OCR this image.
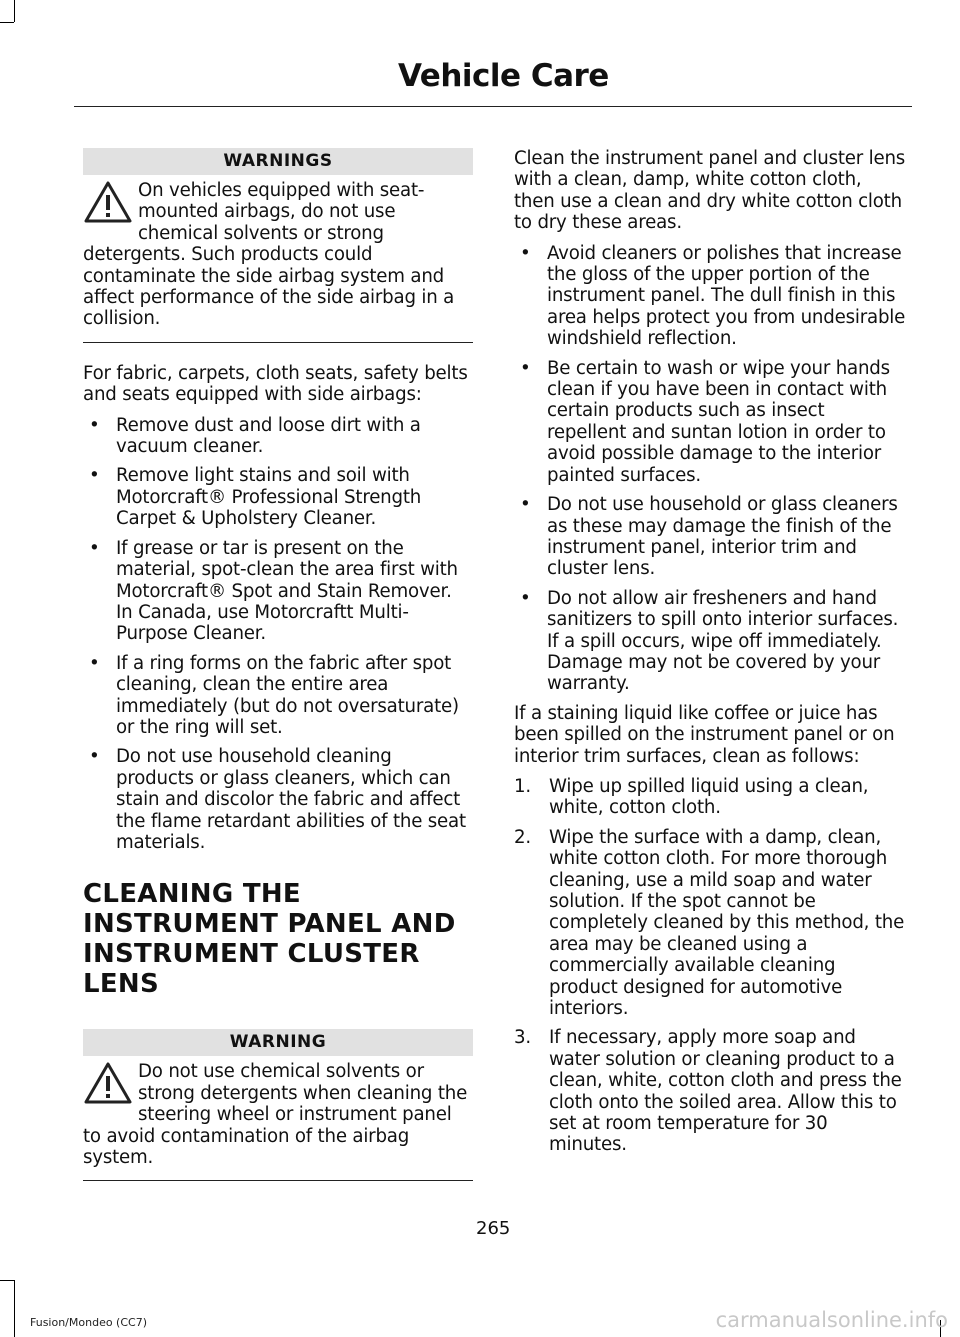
Vehicle Care
WARNINGS
On vehicles equipped with seat-mounted airbags, do not use chemical solvents or strong detergents. Such products could contaminate the side airbag system and affect performance of the side airbag in a collision.

For fabric, carpets, cloth seats, safety belts and seats equipped with side airbags:

• Remove dust and loose dirt with a vacuum cleaner.
• Remove light stains and soil with Motorcraft® Professional Strength Carpet & Upholstery Cleaner.
• If grease or tar is present on the material, spot-clean the area first with Motorcraft® Spot and Stain Remover. In Canada, use Motorcraftt Multi-Purpose Cleaner.
• If a ring forms on the fabric after spot cleaning, clean the entire area immediately (but do not oversaturate) or the ring will set.
• Do not use household cleaning products or glass cleaners, which can stain and discolor the fabric and affect the flame retardant abilities of the seat materials.
CLEANING THE INSTRUMENT PANEL AND INSTRUMENT CLUSTER LENS
WARNING
Do not use chemical solvents or strong detergents when cleaning the steering wheel or instrument panel to avoid contamination of the airbag system.

Clean the instrument panel and cluster lens with a clean, damp, white cotton cloth, then use a clean and dry white cotton cloth to dry these areas.

• Avoid cleaners or polishes that increase the gloss of the upper portion of the instrument panel. The dull finish in this area helps protect you from undesirable windshield reflection.
• Be certain to wash or wipe your hands clean if you have been in contact with certain products such as insect repellent and suntan lotion in order to avoid possible damage to the interior painted surfaces.
• Do not use household or glass cleaners as these may damage the finish of the instrument panel, interior trim and cluster lens.
• Do not allow air fresheners and hand sanitizers to spill onto interior surfaces. If a spill occurs, wipe off immediately. Damage may not be covered by your warranty.

If a staining liquid like coffee or juice has been spilled on the instrument panel or on interior trim surfaces, clean as follows:

1. Wipe up spilled liquid using a clean, white, cotton cloth.
2. Wipe the surface with a damp, clean, white cotton cloth. For more thorough cleaning, use a mild soap and water solution. If the spot cannot be completely cleaned by this method, the area may be cleaned using a commercially available cleaning product designed for automotive interiors.
3. If necessary, apply more soap and water solution or cleaning product to a clean, white, cotton cloth and press the cloth onto the soiled area. Allow this to set at room temperature for 30 minutes.
265
Fusion/Mondeo (CC7)	carmanualsonline.info
